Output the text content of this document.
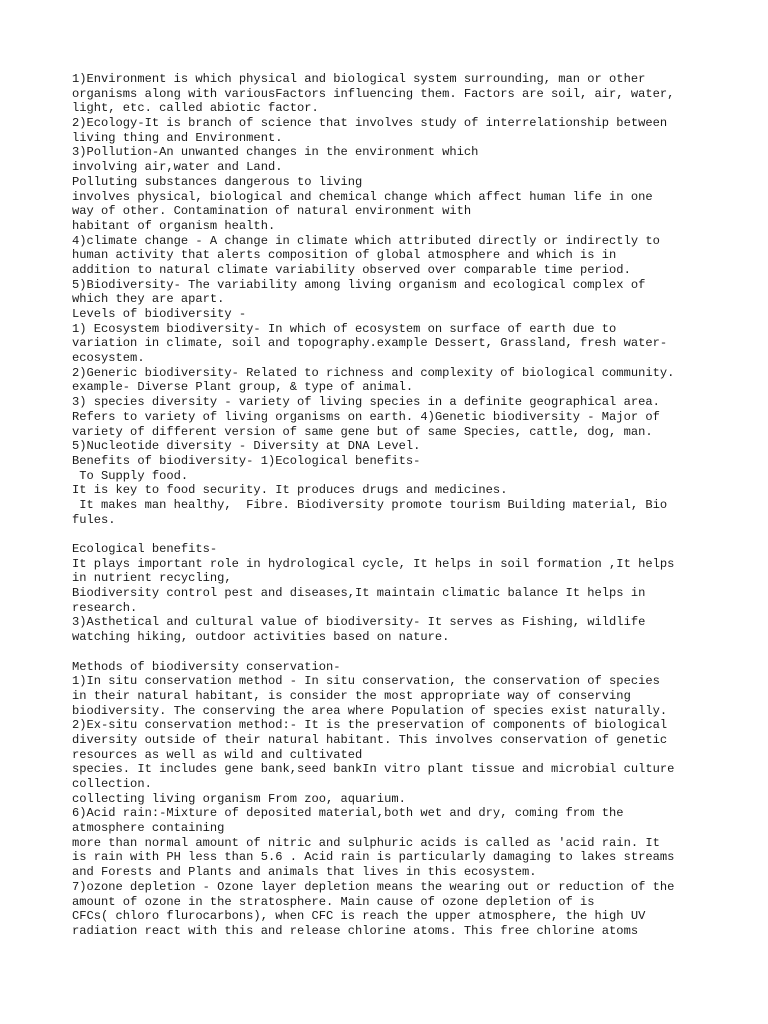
1)Environment is which physical and biological system surrounding, man or other
organisms along with variousFactors influencing them. Factors are soil, air, water,
light, etc. called abiotic factor.
2)Ecology-It is branch of science that involves study of interrelationship between
living thing and Environment.
3)Pollution-An unwanted changes in the environment which
involving air,water and Land.
Polluting substances dangerous to living
involves physical, biological and chemical change which affect human life in one
way of other. Contamination of natural environment with
habitant of organism health.
4)climate change - A change in climate which attributed directly or indirectly to
human activity that alerts composition of global atmosphere and which is in
addition to natural climate variability observed over comparable time period.
5)Biodiversity- The variability among living organism and ecological complex of
which they are apart.
Levels of biodiversity -
1) Ecosystem biodiversity- In which of ecosystem on surface of earth due to
variation in climate, soil and topography.example Dessert, Grassland, fresh water-
ecosystem.
2)Generic biodiversity- Related to richness and complexity of biological community.
example- Diverse Plant group, & type of animal.
3) species diversity - variety of living species in a definite geographical area.
Refers to variety of living organisms on earth. 4)Genetic biodiversity - Major of
variety of different version of same gene but of same Species, cattle, dog, man.
5)Nucleotide diversity - Diversity at DNA Level.
Benefits of biodiversity- 1)Ecological benefits-
To Supply food.
It is key to food security. It produces drugs and medicines.
It makes man healthy,  Fibre. Biodiversity promote tourism Building material, Bio
fules.
Ecological benefits-
It plays important role in hydrological cycle, It helps in soil formation ,It helps
in nutrient recycling,
Biodiversity control pest and diseases,It maintain climatic balance It helps in
research.
3)Asthetical and cultural value of biodiversity- It serves as Fishing, wildlife
watching hiking, outdoor activities based on nature.
Methods of biodiversity conservation-
1)In situ conservation method - In situ conservation, the conservation of species
in their natural habitant, is consider the most appropriate way of conserving
biodiversity. The conserving the area where Population of species exist naturally.
2)Ex-situ conservation method:- It is the preservation of components of biological
diversity outside of their natural habitant. This involves conservation of genetic
resources as well as wild and cultivated
species. It includes gene bank,seed bankIn vitro plant tissue and microbial culture
collection.
collecting living organism From zoo, aquarium.
6)Acid rain:-Mixture of deposited material,both wet and dry, coming from the
atmosphere containing
more than normal amount of nitric and sulphuric acids is called as 'acid rain. It
is rain with PH less than 5.6 . Acid rain is particularly damaging to lakes streams
and Forests and Plants and animals that lives in this ecosystem.
7)ozone depletion - Ozone layer depletion means the wearing out or reduction of the
amount of ozone in the stratosphere. Main cause of ozone depletion of is
CFCs( chloro flurocarbons), when CFC is reach the upper atmosphere, the high UV
radiation react with this and release chlorine atoms. This free chlorine atoms
